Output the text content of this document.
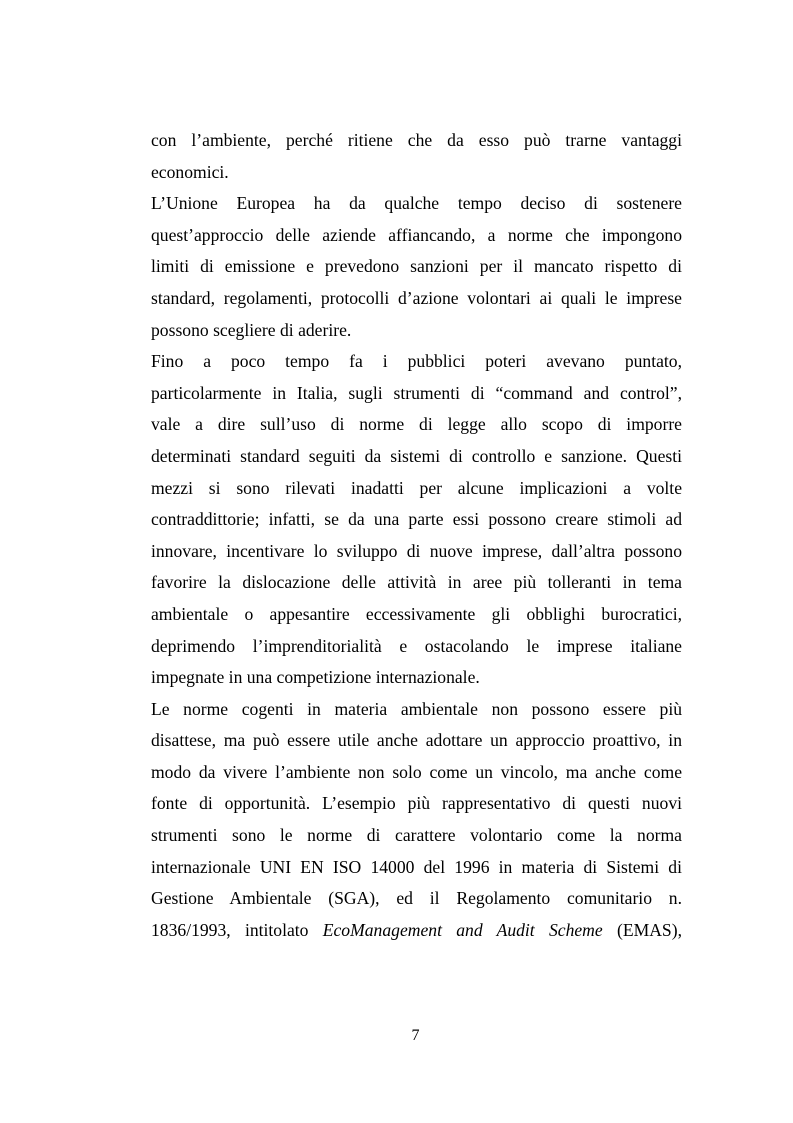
con l’ambiente, perché ritiene che da esso può trarne vantaggi
economici.
L’Unione Europea ha da qualche tempo deciso di sostenere
quest’approccio delle aziende affiancando, a norme che impongono
limiti di emissione e prevedono sanzioni per il mancato rispetto di
standard, regolamenti, protocolli d’azione volontari ai quali le imprese
possono scegliere di aderire.
Fino a poco tempo fa i pubblici poteri avevano puntato,
particolarmente in Italia, sugli strumenti di “command and control”,
vale a dire sull’uso di norme di legge allo scopo di imporre
determinati standard seguiti da sistemi di controllo e sanzione. Questi
mezzi si sono rilevati inadatti per alcune implicazioni a volte
contraddittorie; infatti, se da una parte essi possono creare stimoli ad
innovare, incentivare lo sviluppo di nuove imprese, dall’altra possono
favorire la dislocazione delle attività in aree più tolleranti in tema
ambientale o appesantire eccessivamente gli obblighi burocratici,
deprimendo l’imprenditorialità e ostacolando le imprese italiane
impegnate in una competizione internazionale.
Le norme cogenti in materia ambientale non possono essere più
disattese, ma può essere utile anche adottare un approccio proattivo, in
modo da vivere l’ambiente non solo come un vincolo, ma anche come
fonte di opportunità. L’esempio più rappresentativo di questi nuovi
strumenti sono le norme di carattere volontario come la norma
internazionale UNI EN ISO 14000 del 1996 in materia di Sistemi di
Gestione Ambientale (SGA), ed il Regolamento comunitario n.
1836/1993, intitolato EcoManagement and Audit Scheme (EMAS),
7
